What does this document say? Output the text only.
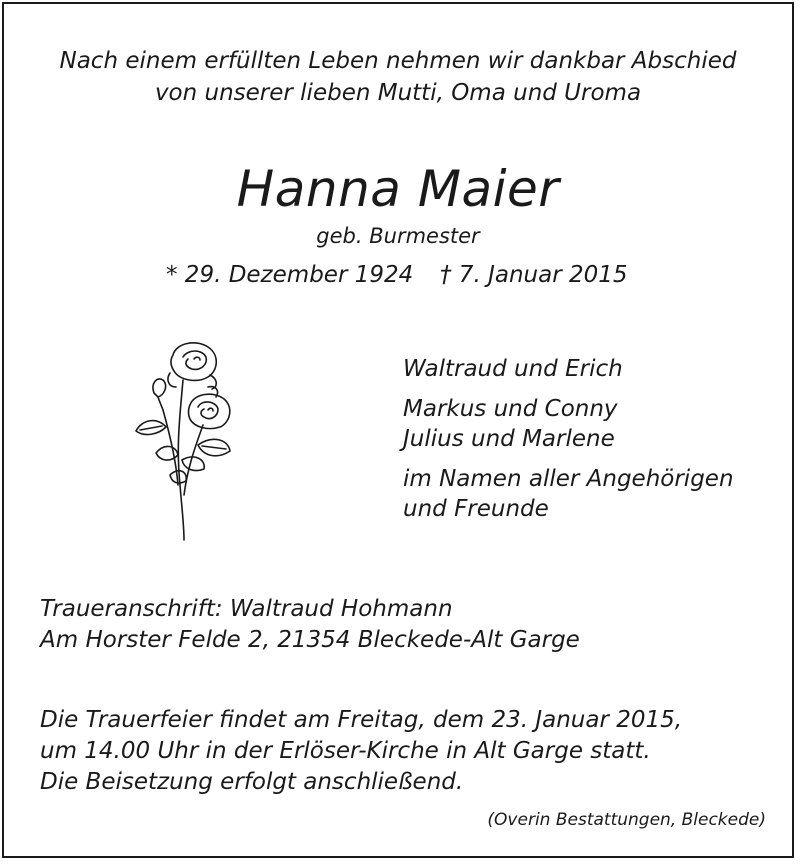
Nach einem erfüllten Leben nehmen wir dankbar Abschied
von unserer lieben Mutti, Oma und Uroma
Hanna Maier
geb. Burmester
* 29. Dezember 1924 † 7. Januar 2015
Waltraud und Erich
Markus und Conny
Julius und Marlene
im Namen aller Angehörigen
und Freunde
Traueranschrift: Waltraud Hohmann
Am Horster Felde 2, 21354 Bleckede-Alt Garge
Die Trauerfeier findet am Freitag, dem 23. Januar 2015,
um 14.00 Uhr in der Erlöser-Kirche in Alt Garge statt.
Die Beisetzung erfolgt anschließend.
(Overin Bestattungen, Bleckede)
